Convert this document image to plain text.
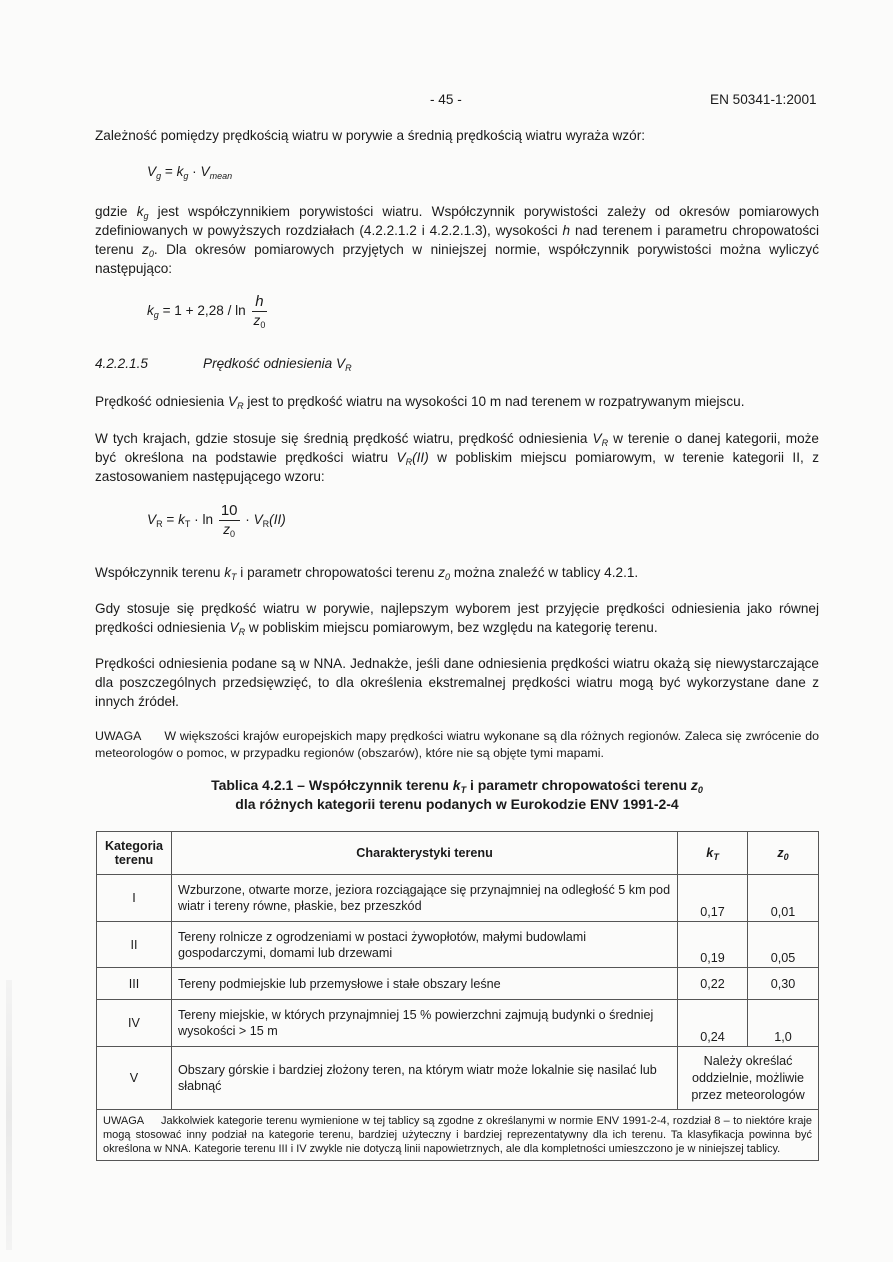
- 45 -	EN 50341-1:2001
Zależność pomiędzy prędkością wiatru w porywie a średnią prędkością wiatru wyraża wzór:
$V_g = k_g \cdot V_{mean}$
gdzie $k_g$ jest współczynnikiem porywistości wiatru. Współczynnik porywistości zależy od okresów pomiarowych zdefiniowanych w powyższych rozdziałach (4.2.2.1.2 i 4.2.2.1.3), wysokości h nad terenem i parametru chropowatości terenu $z_0$. Dla okresów pomiarowych przyjętych w niniejszej normie, współczynnik porywistości można wyliczyć następująco:
$k_g = 1 + 2,28 / \ln \frac{h}{z_0}$
4.2.2.1.5	Prędkość odniesienia $V_R$
Prędkość odniesienia $V_R$ jest to prędkość wiatru na wysokości 10 m nad terenem w rozpatrywanym miejscu.
W tych krajach, gdzie stosuje się średnią prędkość wiatru, prędkość odniesienia $V_R$ w terenie o danej kategorii, może być określona na podstawie prędkości wiatru $V_R(II)$ w pobliskim miejscu pomiarowym, w terenie kategorii II, z zastosowaniem następującego wzoru:
$V_R = k_T \cdot \ln \frac{10}{z_0} \cdot V_R(II)$
Współczynnik terenu $k_T$ i parametr chropowatości terenu $z_0$ można znaleźć w tablicy 4.2.1.
Gdy stosuje się prędkość wiatru w porywie, najlepszym wyborem jest przyjęcie prędkości odniesienia jako równej prędkości odniesienia $V_R$ w pobliskim miejscu pomiarowym, bez względu na kategorię terenu.
Prędkości odniesienia podane są w NNA. Jednakże, jeśli dane odniesienia prędkości wiatru okażą się niewystarczające dla poszczególnych przedsięwzięć, to dla określenia ekstremalnej prędkości wiatru mogą być wykorzystane dane z innych źródeł.
UWAGA W większości krajów europejskich mapy prędkości wiatru wykonane są dla różnych regionów. Zaleca się zwrócenie do meteorologów o pomoc, w przypadku regionów (obszarów), które nie są objęte tymi mapami.
Tablica 4.2.1 – Współczynnik terenu $k_T$ i parametr chropowatości terenu $z_0$
dla różnych kategorii terenu podanych w Eurokodzie ENV 1991-2-4
Kategoria terenu	Charakterystyki terenu	$k_T$	$z_0$
I	Wzburzone, otwarte morze, jeziora rozciągające się przynajmniej na odległość 5 km pod wiatr i tereny równe, płaskie, bez przeszkód	0,17	0,01
II	Tereny rolnicze z ogrodzeniami w postaci żywopłotów, małymi budowlami gospodarczymi, domami lub drzewami	0,19	0,05
III	Tereny podmiejskie lub przemysłowe i stałe obszary leśne	0,22	0,30
IV	Tereny miejskie, w których przynajmniej 15 % powierzchni zajmują budynki o średniej wysokości > 15 m	0,24	1,0
V	Obszary górskie i bardziej złożony teren, na którym wiatr może lokalnie się nasilać lub słabnąć	Należy określać oddzielnie, możliwie przez meteorologów	
UWAGA Jakkolwiek kategorie terenu wymienione w tej tablicy są zgodne z określanymi w normie ENV 1991-2-4, rozdział 8 – to niektóre kraje mogą stosować inny podział na kategorie terenu, bardziej użyteczny i bardziej reprezentatywny dla ich terenu. Ta klasyfikacja powinna być określona w NNA. Kategorie terenu III i IV zwykle nie dotyczą linii napowietrznych, ale dla kompletności umieszczono je w niniejszej tablicy.			
